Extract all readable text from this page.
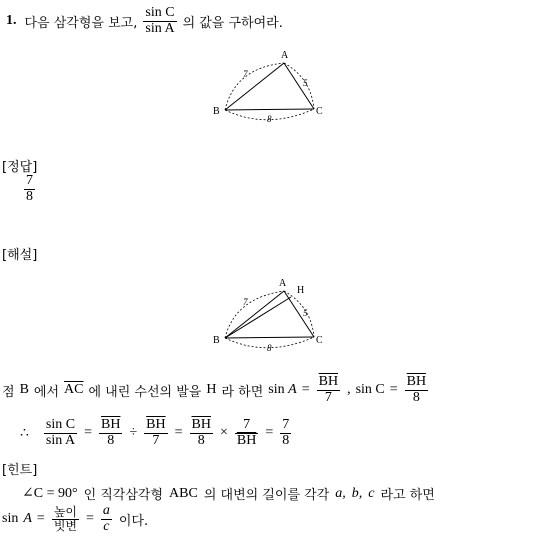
1. 다음 삼각형을 보고, $\frac{\text{sin C}}{\text{sin A}}$ 의 값을 구하여라.
A
B	C
7
5
8
[정답]
$\frac{7}{8}$
[해설]
A
H
B	C
7
5
8
점 B 에서 $\overline{AC}$ 에 내린 수선의 발을 H 라 하면 $\sin A = \frac{\overline{BH}}{7}$ , $\sin C = \frac{\overline{BH}}{8}$
∴ $\frac{\text{sin C}}{\text{sin A}} = \frac{\overline{BH}}{8} \div \frac{\overline{BH}}{7} = \frac{\overline{BH}}{8} \times \frac{7}{BH} = \frac{7}{8}$
[힌트]
∠C = 90° 인 직각삼각형 ABC 의 대변의 길이를 각각 a, b, c 라고 하면
$\sin A = \frac{\text{높이}}{\text{빗변}} = \frac{a}{c}$ 이다.
